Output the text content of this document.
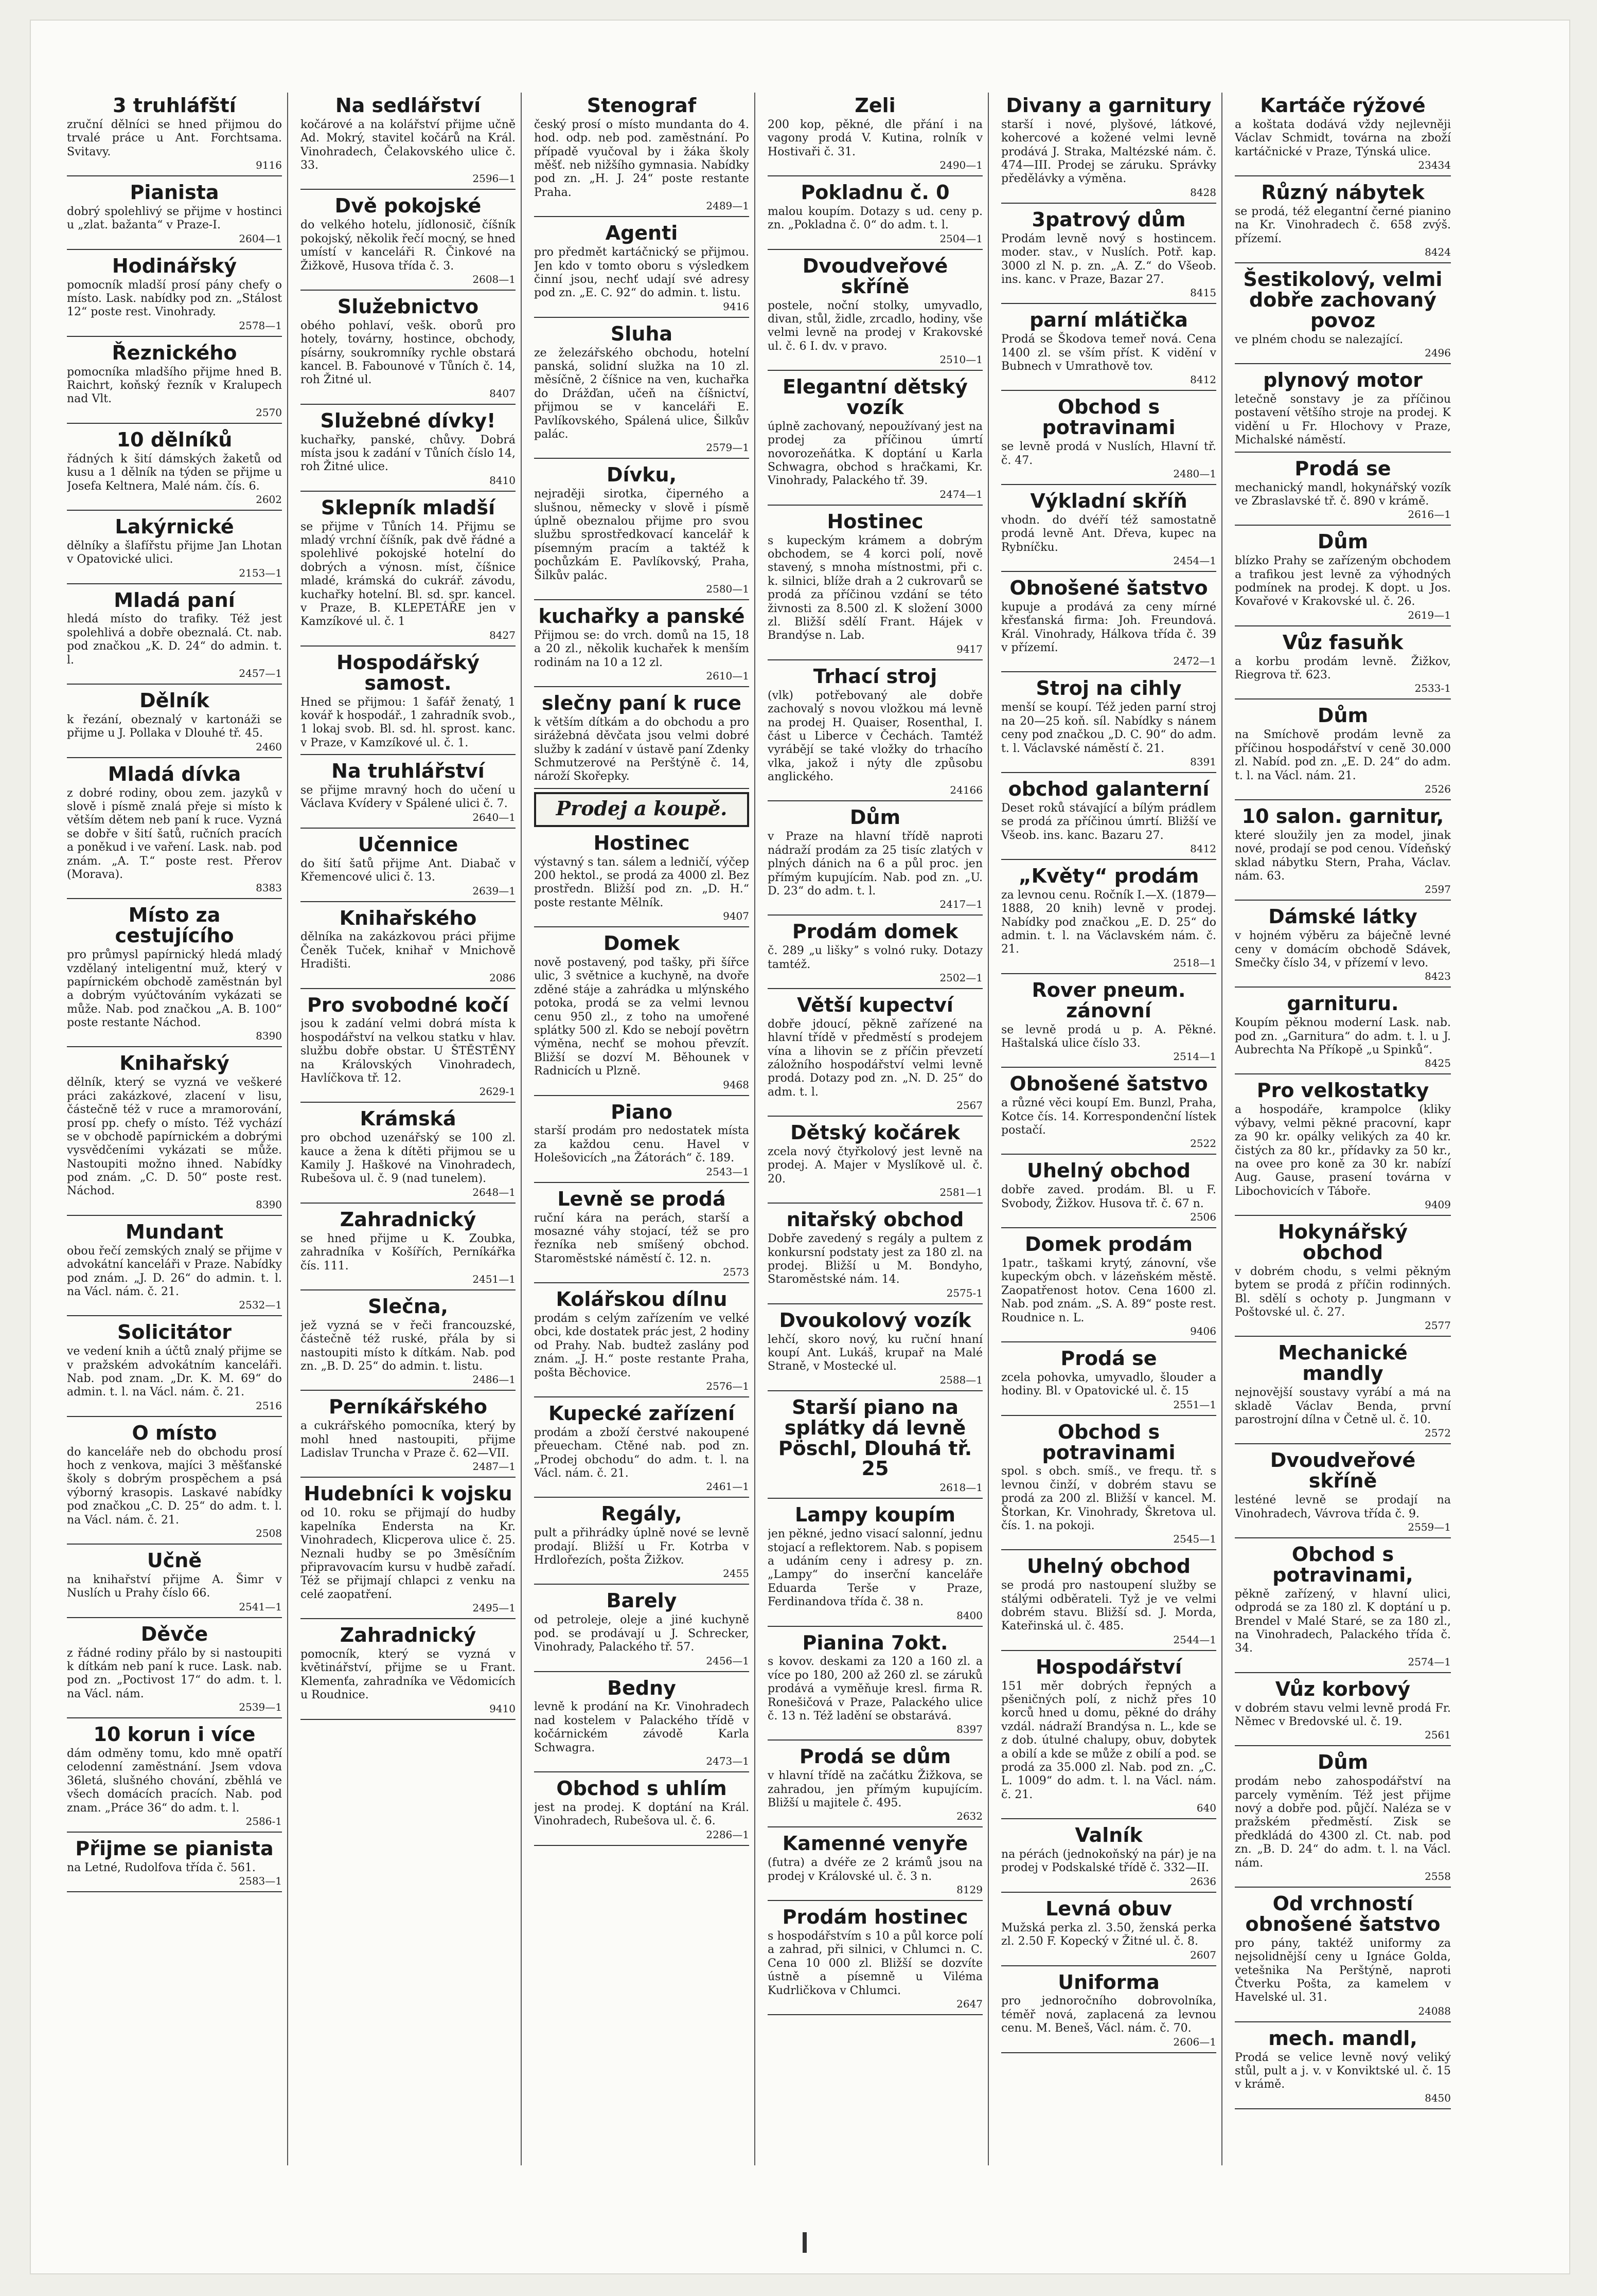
3 truhláfští

zruční dělníci se hned přijmou do trvalé práce u Ant. Forchtsama. Svitavy.

9116
Pianista

dobrý spolehlivý se přijme v hostinci u „zlat. bažanta“ v Praze-I.

2604—1
Hodinářský

pomocník mladší prosí pány chefy o místo. Lask. nabídky pod zn. „Stálost 12“ poste rest. Vinohrady.

2578—1
Řeznického

pomocníka mladšího přijme hned B. Raichrt, koňský řezník v Kralupech nad Vlt.

2570
10 dělníků

řádných k šití dámských žaketů od kusu a 1 dělník na týden se přijme u Josefa Keltnera, Malé nám. čís. 6.

2602
Lakýrnické

dělníky a šlafířstu přijme Jan Lhotan v Opatovické ulici.

2153—1
Mladá paní

hledá místo do trafiky. Též jest spolehlivá a dobře obeznalá. Ct. nab. pod značkou „K. D. 24“ do admin. t. l.

2457—1
Dělník

k řezání, obeznalý v kartonáži se přijme u J. Pollaka v Dlouhé tř. 45.

2460
Mladá dívka

z dobré rodiny, obou zem. jazyků v slově i písmě znalá přeje si místo k větším dětem neb paní k ruce. Vyzná se dobře v šití šatů, ručních pracích a poněkud i ve vaření. Lask. nab. pod znám. „A. T.“ poste rest. Přerov (Morava).

8383
Místo za cestujícího

pro průmysl papírnický hledá mladý vzdělaný inteligentní muž, který v papírnickém obchodě zaměstnán byl a dobrým vyúčtováním vykázati se může. Nab. pod značkou „A. B. 100“ poste restante Náchod.

8390
Knihařský

dělník, který se vyzná ve veškeré práci zakázkové, zlacení v lisu, částečně též v ruce a mramorování, prosí pp. chefy o místo. Též vychází se v obchodě papírnickém a dobrými vysvědčeními vykázati se může. Nastoupiti možno ihned. Nabídky pod znám. „C. D. 50“ poste rest. Náchod.

8390
Mundant

obou řečí zemských znalý se přijme v advokátní kanceláři v Praze. Nabídky pod znám. „J. D. 26“ do admin. t. l. na Václ. nám. č. 21.

2532—1
Solicitátor

ve vedení knih a účtů znalý přijme se v pražském advokátním kanceláři. Nab. pod znam. „Dr. K. M. 69“ do admin. t. l. na Václ. nám. č. 21.

2516
O místo

do kanceláře neb do obchodu prosí hoch z venkova, majíci 3 měšťanské školy s dobrým prospěchem a psá výborný krasopis. Laskavé nabídky pod značkou „C. D. 25“ do adm. t. l. na Václ. nám. č. 21.

2508
Učně

na knihařství přijme A. Šimr v Nuslích u Prahy číslo 66.

2541—1
Děvče

z řádné rodiny přálo by si nastoupiti k dítkám neb paní k ruce. Lask. nab. pod zn. „Poctivost 17“ do adm. t. l. na Václ. nám.

2539—1
10 korun i více

dám odměny tomu, kdo mně opatří celodenní zaměstnání. Jsem vdova 36letá, slušného chování, zběhlá ve všech domácích pracích. Nab. pod znam. „Práce 36“ do adm. t. l.

2586-1
Přijme se pianista

na Letné, Rudolfova třída č. 561.

2583—1
Na sedlářství

kočárové a na kolářství přijme učně Ad. Mokrý, stavitel kočárů na Král. Vinohradech, Čelakovského ulice č. 33.

2596—1
Dvě pokojské

do velkého hotelu, jídlonosič, číšník pokojský, několik řečí mocný, se hned umístí v kanceláři R. Činkové na Žižkově, Husova třída č. 3.

2608—1
Služebnictvo

obého pohlaví, vešk. oborů pro hotely, továrny, hostince, obchody, písárny, soukromníky rychle obstará kancel. B. Fabounové v Tůních č. 14, roh Žitné ul.

8407
Služebné dívky!

kuchařky, panské, chůvy. Dobrá místa jsou k zadání v Tůních číslo 14, roh Žitné ulice.

8410
Sklepník mladší

se přijme v Tůních 14. Přijmu se mladý vrchní číšník, pak dvě řádné a spolehlivé pokojské hotelní do dobrých a výnosn. míst, číšnice mladé, krámská do cukrář. závodu, kuchařky hotelní. Bl. sd. spr. kancel. v Praze, B. KLEPETÁŘE jen v Kamzíkové ul. č. 1

8427
Hospodářský samost.

Hned se přijmou: 1 šafář ženatý, 1 kovář k hospodář., 1 zahradník svob., 1 lokaj svob. Bl. sd. hl. sprost. kanc. v Praze, v Kamzíkové ul. č. 1.

Na truhlářství

se přijme mravný hoch do učení u Václava Kvídery v Spálené ulici č. 7.

2640—1
Učennice

do šití šatů přijme Ant. Diabač v Křemencové ulici č. 13.

2639—1
Knihařského

dělníka na zakázkovou práci přijme Čeněk Tuček, knihař v Mnichově Hradišti.

2086
Pro svobodné kočí

jsou k zadání velmi dobrá místa k hospodářství na velkou statku v hlav. službu dobře obstar. U ŠTĚSTĚNY na Královských Vinohradech, Havlíčkova tř. 12.

2629-1
Krámská

pro obchod uzenářský se 100 zl. kauce a žena k dítěti přijmou se u Kamily J. Haškové na Vinohradech, Rubešova ul. č. 9 (nad tunelem).

2648—1
Zahradnický

se hned přijme u K. Zoubka, zahradníka v Košířích, Perníkářka čís. 111.

2451—1
Slečna,

jež vyzná se v řeči francouzské, částečně též ruské, přála by si nastoupiti místo k dítkám. Nab. pod zn. „B. D. 25“ do admin. t. listu.

2486—1
Perníkářského

a cukrářského pomocníka, který by mohl hned nastoupiti, přijme Ladislav Truncha v Praze č. 62—VII.

2487—1
Hudebníci k vojsku

od 10. roku se přijmají do hudby kapelníka Endersta na Kr. Vinohradech, Klicperova ulice č. 25. Neznali hudby se po 3měsíčním připravovacím kursu v hudbě zařadí. Též se přijmají chlapci z venku na celé zaopatření.

2495—1
Zahradnický

pomocník, který se vyzná v květinářství, přijme se u Frant. Klemenťa, zahradníka ve Vědomicích u Roudnice.

9410
Stenograf

český prosí o místo mundanta do 4. hod. odp. neb pod. zaměstnání. Po případě vyučoval by i žáka školy měšť. neb nižšího gymnasia. Nabídky pod zn. „H. J. 24“ poste restante Praha.

2489—1
Agenti

pro předmět kartáčnický se přijmou. Jen kdo v tomto oboru s výsledkem činní jsou, nechť udají své adresy pod zn. „E. C. 92“ do admin. t. listu.

9416
Sluha

ze železářského obchodu, hotelní panská, solidní služka na 10 zl. měsíčně, 2 číšnice na ven, kuchařka do Drážďan, učeň na číšnictví, přijmou se v kanceláři E. Pavlíkovského, Spálená ulice, Šilkův palác.

2579—1
Dívku,

nejraději sirotka, čiperného a slušnou, německy v slově i písmě úplně obeznalou přijme pro svou službu sprostředkovací kancelář k písemným pracím a taktéž k pochůzkám E. Pavlíkovský, Praha, Šilkův palác.

2580—1
kuchařky a panské

Přijmou se: do vrch. domů na 15, 18 a 20 zl., několik kuchařek k menším rodinám na 10 a 12 zl.

2610—1
slečny paní k ruce

k větším dítkám a do obchodu a pro sirážebná děvčata jsou velmi dobré služby k zadání v ústavě paní Zdenky Schmutzerové na Perštýně č. 14, nároží Skořepky.

Prodej a koupě.
Hostinec

výstavný s tan. sálem a ledničí, výčep 200 hektol., se prodá za 4000 zl. Bez prostředn. Bližší pod zn. „D. H.“ poste restante Mělník.

9407
Domek

nově postavený, pod tašky, při šířce ulic, 3 světnice a kuchyně, na dvoře zděné stáje a zahrádka u mlýnského potoka, prodá se za velmi levnou cenu 950 zl., z toho na umořené splátky 500 zl. Kdo se nebojí povětrn výměna, nechť se mohou převzít. Bližší se dozví M. Běhounek v Radnicích u Plzně.

9468
Piano

starší prodám pro nedostatek místa za každou cenu. Havel v Holešovicích „na Žátorách“ č. 189.

2543—1
Levně se prodá

ruční kára na perách, starší a mosazné váhy stojací, též se pro řezníka neb smíšený obchod. Staroměstské náměstí č. 12. n.

2573
Kolářskou dílnu

prodám s celým zařízením ve velké obci, kde dostatek prác jest, 2 hodiny od Prahy. Nab. budtež zaslány pod znám. „J. H.“ poste restante Praha, pošta Běchovice.

2576—1
Kupecké zařízení

prodám a zboží čerstvé nakoupené přeuecham. Ctěné nab. pod zn. „Prodej obchodu“ do adm. t. l. na Václ. nám. č. 21.

2461—1
Regály,

pult a přihrádky úplně nové se levně prodají. Bližší u Fr. Kotrba v Hrdlořezích, pošta Žižkov.

2455
Barely

od petroleje, oleje a jiné kuchyně pod. se prodávají u J. Schrecker, Vinohrady, Palackého tř. 57.

2456—1
Bedny

levně k prodání na Kr. Vinohradech nad kostelem v Palackého třídě v kočárnickém závodě Karla Schwagra.

2473—1
Obchod s uhlím

jest na prodej. K doptání na Král. Vinohradech, Rubešova ul. č. 6.

2286—1
Zeli

200 kop, pěkné, dle přání i na vagony prodá V. Kutina, rolník v Hostivaři č. 31.

2490—1
Pokladnu č. 0

malou koupím. Dotazy s ud. ceny p. zn. „Pokladna č. 0“ do adm. t. l.

2504—1
Dvoudveřové skříně

postele, noční stolky, umyvadlo, divan, stůl, židle, zrcadlo, hodiny, vše velmi levně na prodej v Krakovské ul. č. 6 I. dv. v pravo.

2510—1
Elegantní dětský vozík

úplně zachovaný, nepoužívaný jest na prodej za příčinou úmrtí novorozeňátka. K doptání u Karla Schwagra, obchod s hračkami, Kr. Vinohrady, Palackého tř. 39.

2474—1
Hostinec

s kupeckým krámem a dobrým obchodem, se 4 korci polí, nově stavený, s mnoha místnostmi, při c. k. silnici, blíže drah a 2 cukrovarů se prodá za příčinou vzdání se této živnosti za 8.500 zl. K složení 3000 zl. Bližší sdělí Frant. Hájek v Brandýse n. Lab.

9417
Trhací stroj

(vlk) potřebovaný ale dobře zachovalý s novou vložkou má levně na prodej H. Quaiser, Rosenthal, I. část u Liberce v Čechách. Tamtéž vyrábějí se také vložky do trhacího vlka, jakož i nýty dle způsobu anglického.

24166
Dům

v Praze na hlavní třídě naproti nádraží prodám za 25 tisíc zlatých v plných dánich na 6 a půl proc. jen přímým kupujícím. Nab. pod zn. „U. D. 23“ do adm. t. l.

2417—1
Prodám domek

č. 289 „u liškyˮ s volnó ruky. Dotazy tamtéž.

2502—1
Větší kupectví

dobře jdoucí, pěkně zařízené na hlavní třídě v předměstí s prodejem vína a lihovin se z příčin převzetí záložního hospodářství velmi levně prodá. Dotazy pod zn. „N. D. 25“ do adm. t. l.

2567
Dětský kočárek

zcela nový čtyřkolový jest levně na prodej. A. Majer v Myslíkově ul. č. 20.

2581—1
nitařský obchod

Dobře zavedený s regály a pultem z konkursní podstaty jest za 180 zl. na prodej. Bližší u M. Bondyho, Staroměstské nám. 14.

2575-1
Dvoukolový vozík

lehčí, skoro nový, ku ruční hnaní koupí Ant. Lukáš, krupař na Malé Straně, v Mostecké ul.

2588—1
Starší piano na splátky dá levně Pöschl, Dlouhá tř. 25
2618—1
Lampy koupím

jen pěkné, jedno visací salonní, jednu stojací a reflektorem. Nab. s popisem a udáním ceny i adresy p. zn. „Lampy“ do inserční kanceláře Eduarda Terše v Praze, Ferdinandova třída č. 38 n.

8400
Pianina 7okt.

s kovov. deskami za 120 a 160 zl. a více po 180, 200 až 260 zl. se záruků prodává a vyměňuje kresl. firma R. Ronešičová v Praze, Palackého ulice č. 13 n. Též ladění se obstarává.

8397
Prodá se dům

v hlavní třídě na začátku Žižkova, se zahradou, jen přímým kupujícím. Bližší u majitele č. 495.

2632
Kamenné venyře

(futra) a dvéře ze 2 krámů jsou na prodej v Královské ul. č. 3 n.

8129
Prodám hostinec

s hospodářstvím s 10 a půl korce polí a zahrad, při silnici, v Chlumci n. C. Cena 10 000 zl. Bližší se dozvíte ústně a písemně u Viléma Kudrličkova v Chlumci.

2647
Divany a garnitury

starší i nové, plyšové, látkové, kohercové a kožené velmi levně prodává J. Straka, Maltézské nám. č. 474—III. Prodej se záruku. Správky předělávky a výměna.

8428
3patrový dům

Prodám levně nový s hostincem. moder. stav., v Nuslích. Potř. kap. 3000 zl N. p. zn. „A. Z.“ do Všeob. ins. kanc. v Praze, Bazar 27.

8415
parní mlátička

Prodá se Škodova temeř nová. Cena 1400 zl. se vším příst. K vidění v Bubnech v Umrathově tov.

8412
Obchod s potravinami

se levně prodá v Nuslích, Hlavní tř. č. 47.

2480—1
Výkladní skříň

vhodn. do dvéří též samostatně prodá levně Ant. Dřeva, kupec na Rybníčku.

2454—1
Obnošené šatstvo

kupuje a prodává za ceny mírné křesťanská firma: Joh. Freundová. Král. Vinohrady, Hálkova třída č. 39 v přízemí.

2472—1
Stroj na cihly

menší se koupí. Též jeden parní stroj na 20—25 koň. síl. Nabídky s nánem ceny pod značkou „D. C. 90“ do adm. t. l. Václavské náměstí č. 21.

8391
obchod galanterní

Deset roků stávající a bílým prádlem se prodá za příčinou úmrtí. Bližší ve Všeob. ins. kanc. Bazaru 27.

8412
„Květy“ prodám

za levnou cenu. Ročník I.—X. (1879—1888, 20 knih) levně v prodej. Nabídky pod značkou „E. D. 25“ do admin. t. l. na Václavském nám. č. 21.

2518—1
Rover pneum. zánovní

se levně prodá u p. A. Pěkné. Haštalská ulice číslo 33.

2514—1
Obnošené šatstvo

a různé věci koupí Em. Bunzl, Praha, Kotce čís. 14. Korrespondenční lístek postačí.

2522
Uhelný obchod

dobře zaved. prodám. Bl. u F. Svobody, Žižkov. Husova tř. č. 67 n.

2506
Domek prodám

1patr., taškami krytý, zánovní, vše kupeckým obch. v lázeňském městě. Zaopatřenost hotov. Cena 1600 zl. Nab. pod znám. „S. A. 89“ poste rest. Roudnice n. L.

9406
Prodá se

zcela pohovka, umyvadlo, šlouder a hodiny. Bl. v Opatovické ul. č. 15

2551—1
Obchod s potravinami

spol. s obch. smíš., ve frequ. tř. s levnou činží, v dobrém stavu se prodá za 200 zl. Bližší v kancel. M. Štorkan, Kr. Vinohrady, Škretova ul. čís. 1. na pokoji.

2545—1
Uhelný obchod

se prodá pro nastoupení služby se stálými odběrateli. Tyž je ve velmi dobrém stavu. Bližší sd. J. Morda, Kateřinská ul. č. 485.

2544—1
Hospodářství

151 měr dobrých řepných a pšeničných polí, z nichž přes 10 korců hned u domu, pěkné do dráhy vzdál. nádraží Brandýsa n. L., kde se z dob. útulné chalupy, obuv, dobytek a obilí a kde se může z obilí a pod. se prodá za 35.000 zl. Nab. pod zn. „C. L. 1009“ do adm. t. l. na Václ. nám. č. 21.

640
Valník

na pérách (jednokoňský na pár) je na prodej v Podskalské třídě č. 332—II.

2636
Levná obuv

Mužská perka zl. 3.50, ženská perka zl. 2.50 F. Kopecký v Žitné ul. č. 8.

2607
Uniforma

pro jednoročního dobrovolníka, téměř nová, zaplacená za levnou cenu. M. Beneš, Václ. nám. č. 70.

2606—1
Kartáče rýžové

a koštata dodává vždy nejlevněji Václav Schmidt, továrna na zboží kartáčnické v Praze, Týnská ulice.

23434
Různý nábytek

se prodá, též elegantní černé pianino na Kr. Vinohradech č. 658 zvýš. přízemí.

8424
Šestikolový, velmi dobře zachovaný povoz

ve plném chodu se nalezající.

2496
plynový motor

letečně sonstavy je za příčinou postavení většího stroje na prodej. K vidění u Fr. Hlochovy v Praze, Michalské náměstí.

Prodá se

mechanický mandl, hokynářský vozík ve Zbraslavské tř. č. 890 v krámě.

2616—1
Dům

blízko Prahy se zařízeným obchodem a trafikou jest levně za výhodných podmínek na prodej. K dopt. u Jos. Kovařové v Krakovské ul. č. 26.

2619—1
Vůz fasuňk

a korbu prodám levně. Žižkov, Riegrova tř. 623.

2533-1
Dům

na Smíchově prodám levně za příčinou hospodářství v ceně 30.000 zl. Nabíd. pod zn. „E. D. 24“ do adm. t. l. na Václ. nám. 21.

2526
10 salon. garnitur,

které sloužily jen za model, jinak nové, prodají se pod cenou. Vídeňský sklad nábytku Stern, Praha, Václav. nám. 63.

2597
Dámské látky

v hojném výběru za báječně levné ceny v domácím obchodě Sdávek, Smečky číslo 34, v přízemí v levo.

8423
garnituru.

Koupím pěknou moderní Lask. nab. pod zn. „Garnitura“ do adm. t. l. u J. Aubrechta Na Příkopě „u Spinků“.

8425
Pro velkostatky

a hospodáře, krampolce (kliky výbavy, velmi pěkné pracovní, kapr za 90 kr. opálky velikých za 40 kr. čistých za 80 kr., přídavky za 50 kr., na ovee pro koně za 30 kr. nabízí Aug. Gause, prasení továrna v Libochovicích v Táboře.

9409
Hokynářský obchod

v dobrém chodu, s velmi pěkným bytem se prodá z příčin rodinných. Bl. sdělí s ochoty p. Jungmann v Poštovské ul. č. 27.

2577
Mechanické mandly

nejnovější soustavy vyrábí a má na skladě Václav Benda, první parostrojní dílna v Četně ul. č. 10.

2572
Dvoudveřové skříně

lesténé levně se prodají na Vinohradech, Vávrova třída č. 9.

2559—1
Obchod s potravinami,

pěkně zařízený, v hlavní ulici, odprodá se za 180 zl. K doptání u p. Brendel v Malé Staré, se za 180 zl., na Vinohradech, Palackého třída č. 34.

2574—1
Vůz korbový

v dobrém stavu velmi levně prodá Fr. Němec v Bredovské ul. č. 19.

2561
Dům

prodám nebo zahospodářství na parcely vyměním. Též jest přijme nový a dobře pod. půjčí. Naléza se v pražském předměstí. Zisk se předkládá do 4300 zl. Ct. nab. pod zn. „B. D. 24“ do adm. t. l. na Václ. nám.

2558
Od vrchností obnošené šatstvo

pro pány, taktéž uniformy za nejsolidnější ceny u Ignáce Golda, vetešnika Na Perštýně, naproti Čtverku Pošta, za kamelem v Havelské ul. 31.

24088
mech. mandl,

Prodá se velice levně nový veliký stůl, pult a j. v. v Konviktské ul. č. 15 v krámě.

8450
